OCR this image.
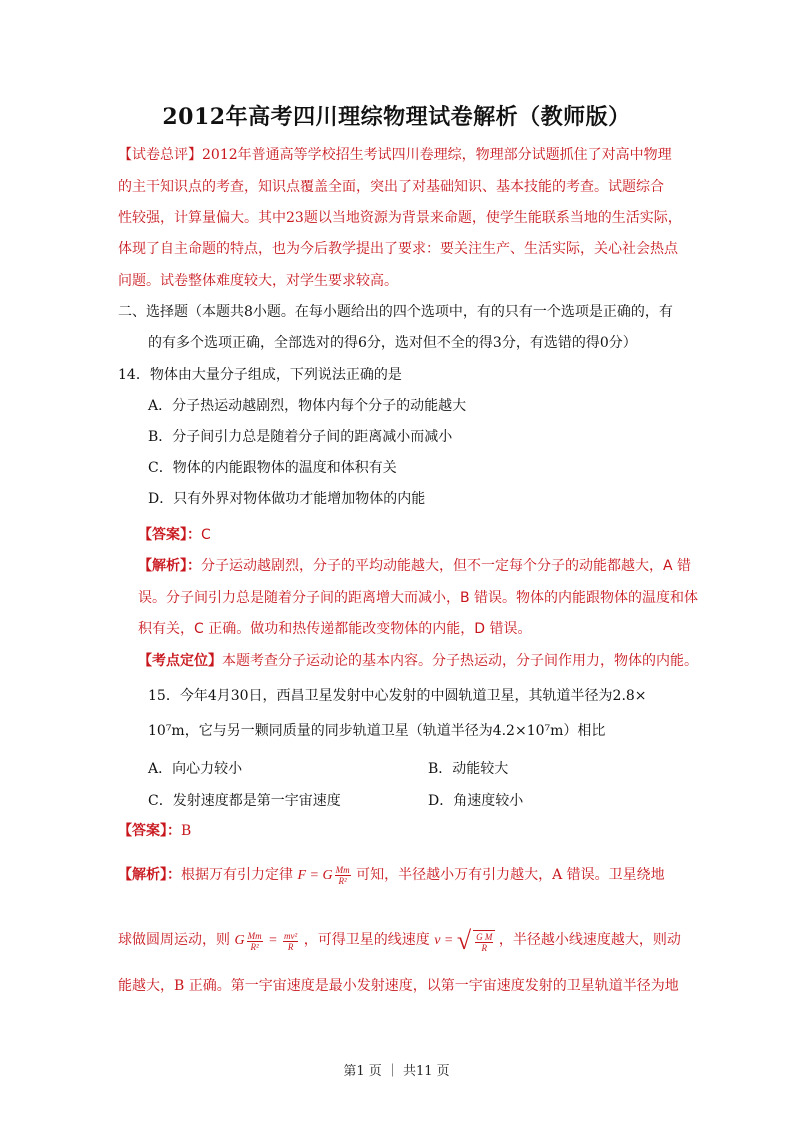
2012年高考四川理综物理试卷解析（教师版）
【试卷总评】2012年普通高等学校招生考试四川卷理综，物理部分试题抓住了对高中物理
的主干知识点的考查，知识点覆盖全面，突出了对基础知识、基本技能的考查。试题综合
性较强，计算量偏大。其中23题以当地资源为背景来命题，使学生能联系当地的生活实际，
体现了自主命题的特点，也为今后教学提出了要求：要关注生产、生活实际，关心社会热点
问题。试卷整体难度较大，对学生要求较高。
二、选择题（本题共8小题。在每小题给出的四个选项中，有的只有一个选项是正确的，有
的有多个选项正确，全部选对的得6分，选对但不全的得3分，有选错的得0分）
14．物体由大量分子组成，下列说法正确的是
A．分子热运动越剧烈，物体内每个分子的动能越大
B．分子间引力总是随着分子间的距离减小而减小
C．物体的内能跟物体的温度和体积有关
D．只有外界对物体做功才能增加物体的内能
【答案】：C
【解析】：分子运动越剧烈，分子的平均动能越大，但不一定每个分子的动能都越大，A 错
误。分子间引力总是随着分子间的距离增大而减小，B 错误。物体的内能跟物体的温度和体
积有关，C 正确。做功和热传递都能改变物体的内能，D 错误。
【考点定位】本题考查分子运动论的基本内容。分子热运动，分子间作用力，物体的内能。
15．今年4月30日，西昌卫星发射中心发射的中圆轨道卫星，其轨道半径为2.8×
10⁷m，它与另一颗同质量的同步轨道卫星（轨道半径为4.2×10⁷m）相比
A．向心力较小	B．动能较大
C．发射速度都是第一宇宙速度	D．角速度较小
【答案】：B
【解析】：根据万有引力定律 F = G $\frac{Mm}{\text{R²}}$ 可知，半径越小万有引力越大，A 错误。卫星绕地
球做圆周运动，则 G $\frac{Mm}{\text{R²}} = \frac{\text{mv²}}{R}$ ，可得卫星的线速度 v = √ $\frac{\text{G M}}{R}$ ，半径越小线速度越大，则动
能越大，B 正确。第一宇宙速度是最小发射速度，以第一宇宙速度发射的卫星轨道半径为地
第1 页 ｜ 共11 页
